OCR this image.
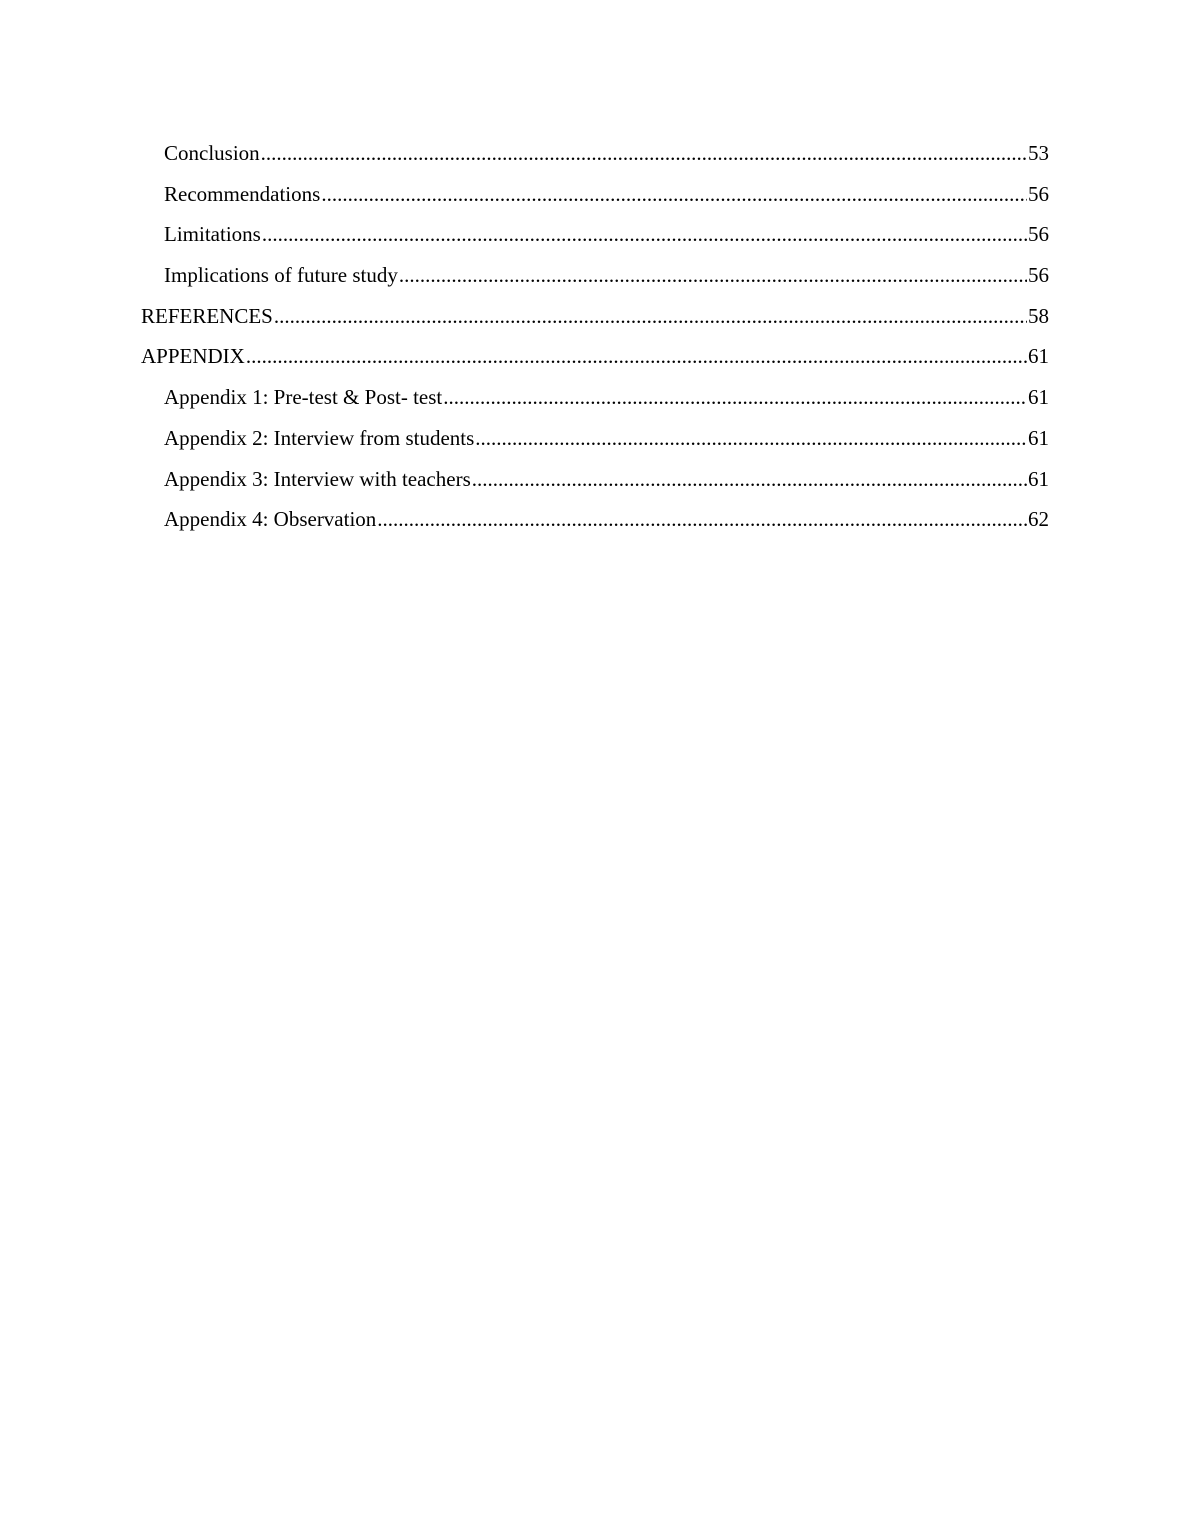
Conclusion .....	53
Recommendations .....	56
Limitations .....	56
Implications of future study .....	56
REFERENCES .....	58
APPENDIX .....	61
Appendix 1: Pre-test & Post- test .....	61
Appendix 2: Interview from students .....	61
Appendix 3: Interview with teachers .....	61
Appendix 4: Observation .....	62
